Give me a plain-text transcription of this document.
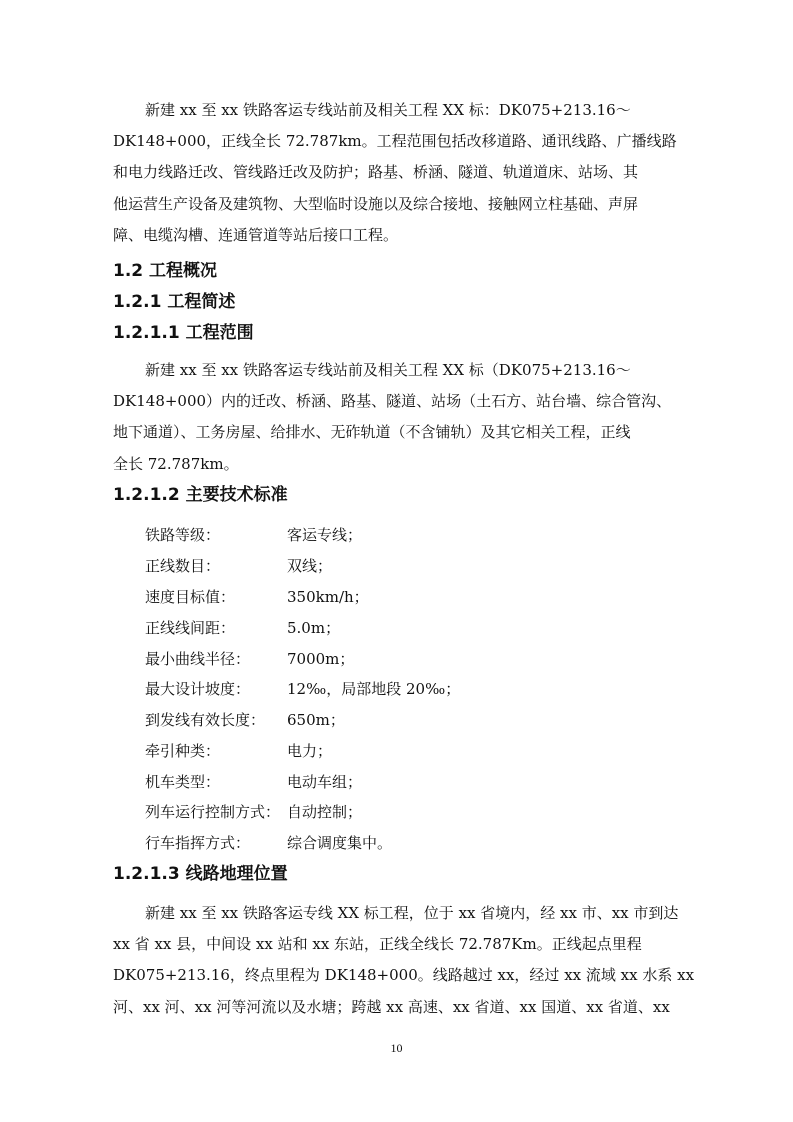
新建 xx 至 xx 铁路客运专线站前及相关工程 XX 标：DK075+213.16～
DK148+000，正线全长 72.787km。工程范围包括改移道路、通讯线路、广播线路
和电力线路迁改、管线路迁改及防护；路基、桥涵、隧道、轨道道床、站场、其
他运营生产设备及建筑物、大型临时设施以及综合接地、接触网立柱基础、声屏
障、电缆沟槽、连通管道等站后接口工程。

1.2 工程概况
1.2.1 工程简述
1.2.1.1 工程范围

新建 xx 至 xx 铁路客运专线站前及相关工程 XX 标（DK075+213.16～
DK148+000）内的迁改、桥涵、路基、隧道、站场（土石方、站台墙、综合管沟、
地下通道）、工务房屋、给排水、无砟轨道（不含铺轨）及其它相关工程，正线
全长 72.787km。

1.2.1.2 主要技术标准
铁路等级：	客运专线；
正线数目：	双线；
速度目标值：	350km/h；
正线线间距：	5.0m；
最小曲线半径： 7000m；
最大设计坡度： 12‰，局部地段 20‰；
到发线有效长度： 650m；
牵引种类：	电力；
机车类型：	电动车组；
列车运行控制方式： 自动控制；
行车指挥方式： 综合调度集中。
1.2.1.3 线路地理位置

新建 xx 至 xx 铁路客运专线 XX 标工程，位于 xx 省境内，经 xx 市、xx 市到达
xx 省 xx 县，中间设 xx 站和 xx 东站，正线全线长 72.787Km。正线起点里程
DK075+213.16，终点里程为 DK148+000。线路越过 xx，经过 xx 流域 xx 水系 xx
河、xx 河、xx 河等河流以及水塘；跨越 xx 高速、xx 省道、xx 国道、xx 省道、xx

10
